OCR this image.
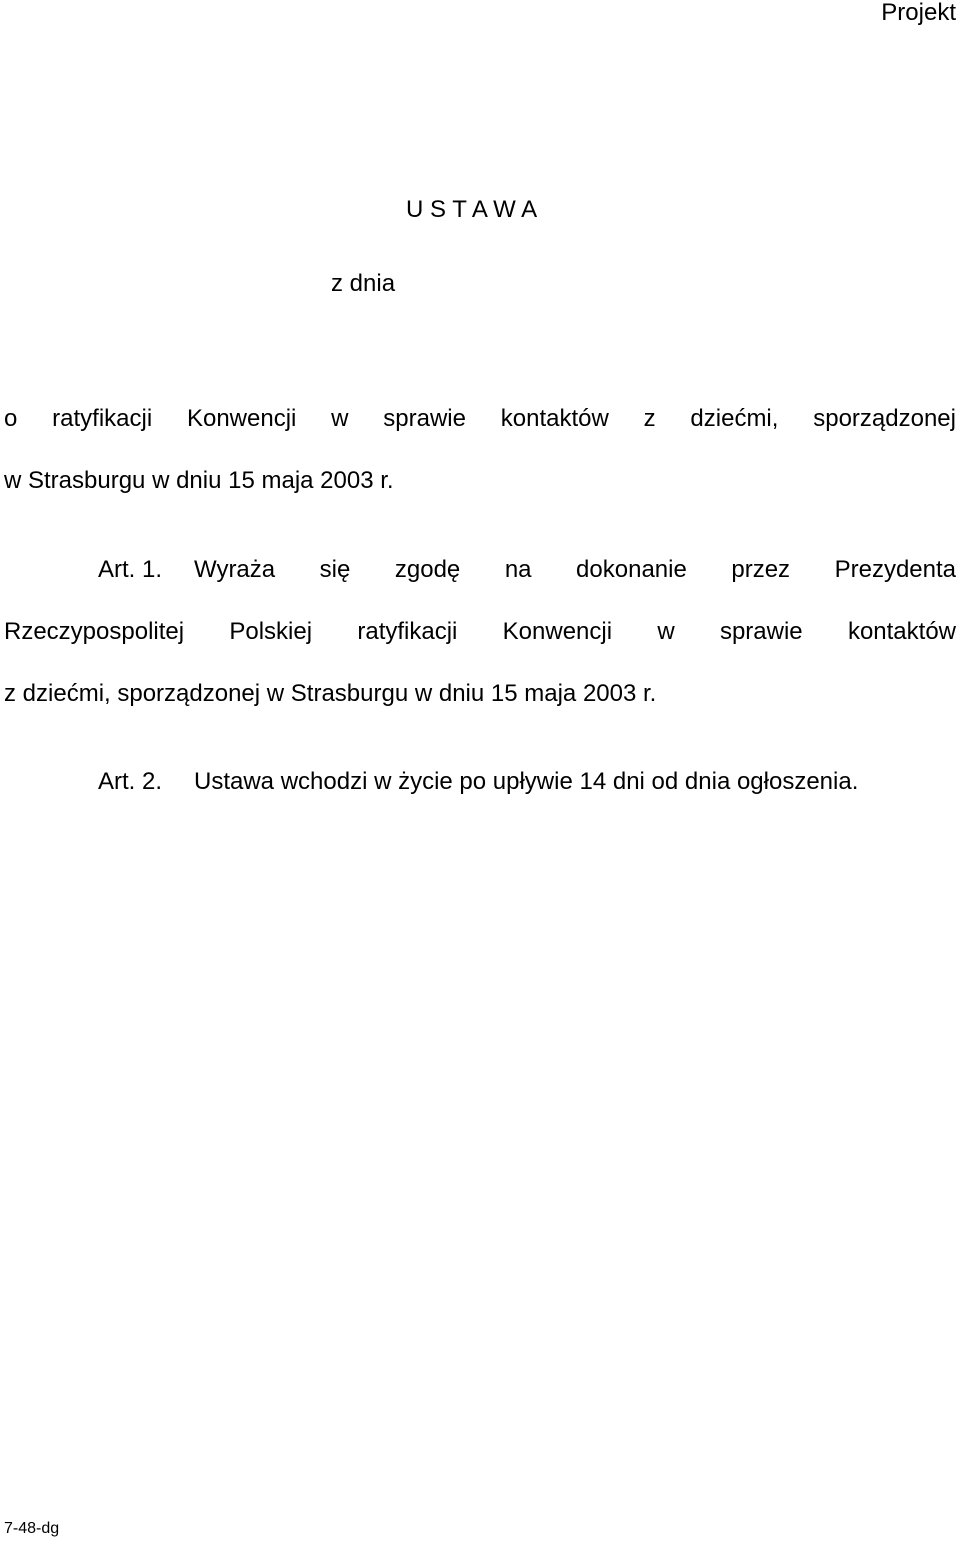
Projekt
U S T A W A
z dnia
o ratyfikacji Konwencji w sprawie kontaktów z dziećmi, sporządzonej
w Strasburgu w dniu 15 maja 2003 r.
Art. 1. Wyraża się zgodę na dokonanie przez Prezydenta
Rzeczypospolitej Polskiej ratyfikacji Konwencji w sprawie kontaktów
z dziećmi, sporządzonej w Strasburgu w dniu 15 maja 2003 r.
Art. 2. Ustawa wchodzi w życie po upływie 14 dni od dnia ogłoszenia.
7-48-dg
